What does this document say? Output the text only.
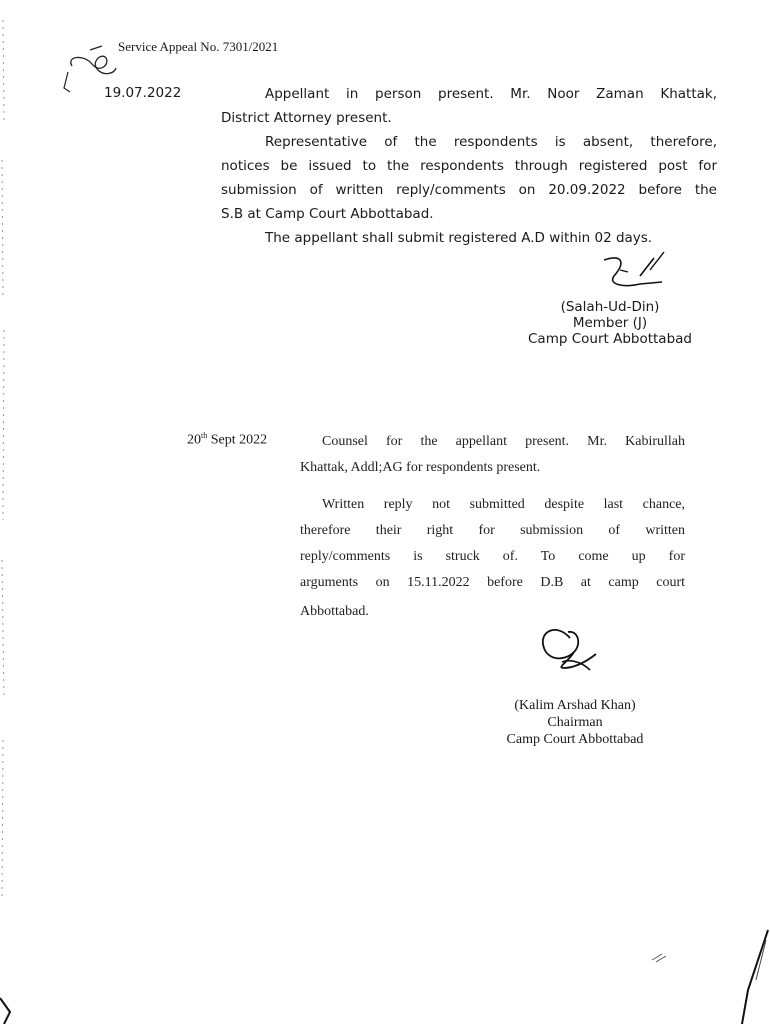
Service Appeal No. 7301/2021
19.07.2022	Appellant in person present. Mr. Noor Zaman Khattak,
District Attorney present.
Representative of the respondents is absent, therefore,
notices be issued to the respondents through registered post for
submission of written reply/comments on 20.09.2022 before the
S.B at Camp Court Abbottabad.
The appellant shall submit registered A.D within 02 days.
(Salah-Ud-Din)
Member (J)
Camp Court Abbottabad
20th Sept 2022	Counsel for the appellant present. Mr. Kabirullah
Khattak, Addl;AG for respondents present.
Written reply not submitted despite last chance,
therefore their right for submission of written
reply/comments is struck of. To come up for
arguments on 15.11.2022 before D.B at camp court
Abbottabad.
(Kalim Arshad Khan)
Chairman
Camp Court Abbottabad
